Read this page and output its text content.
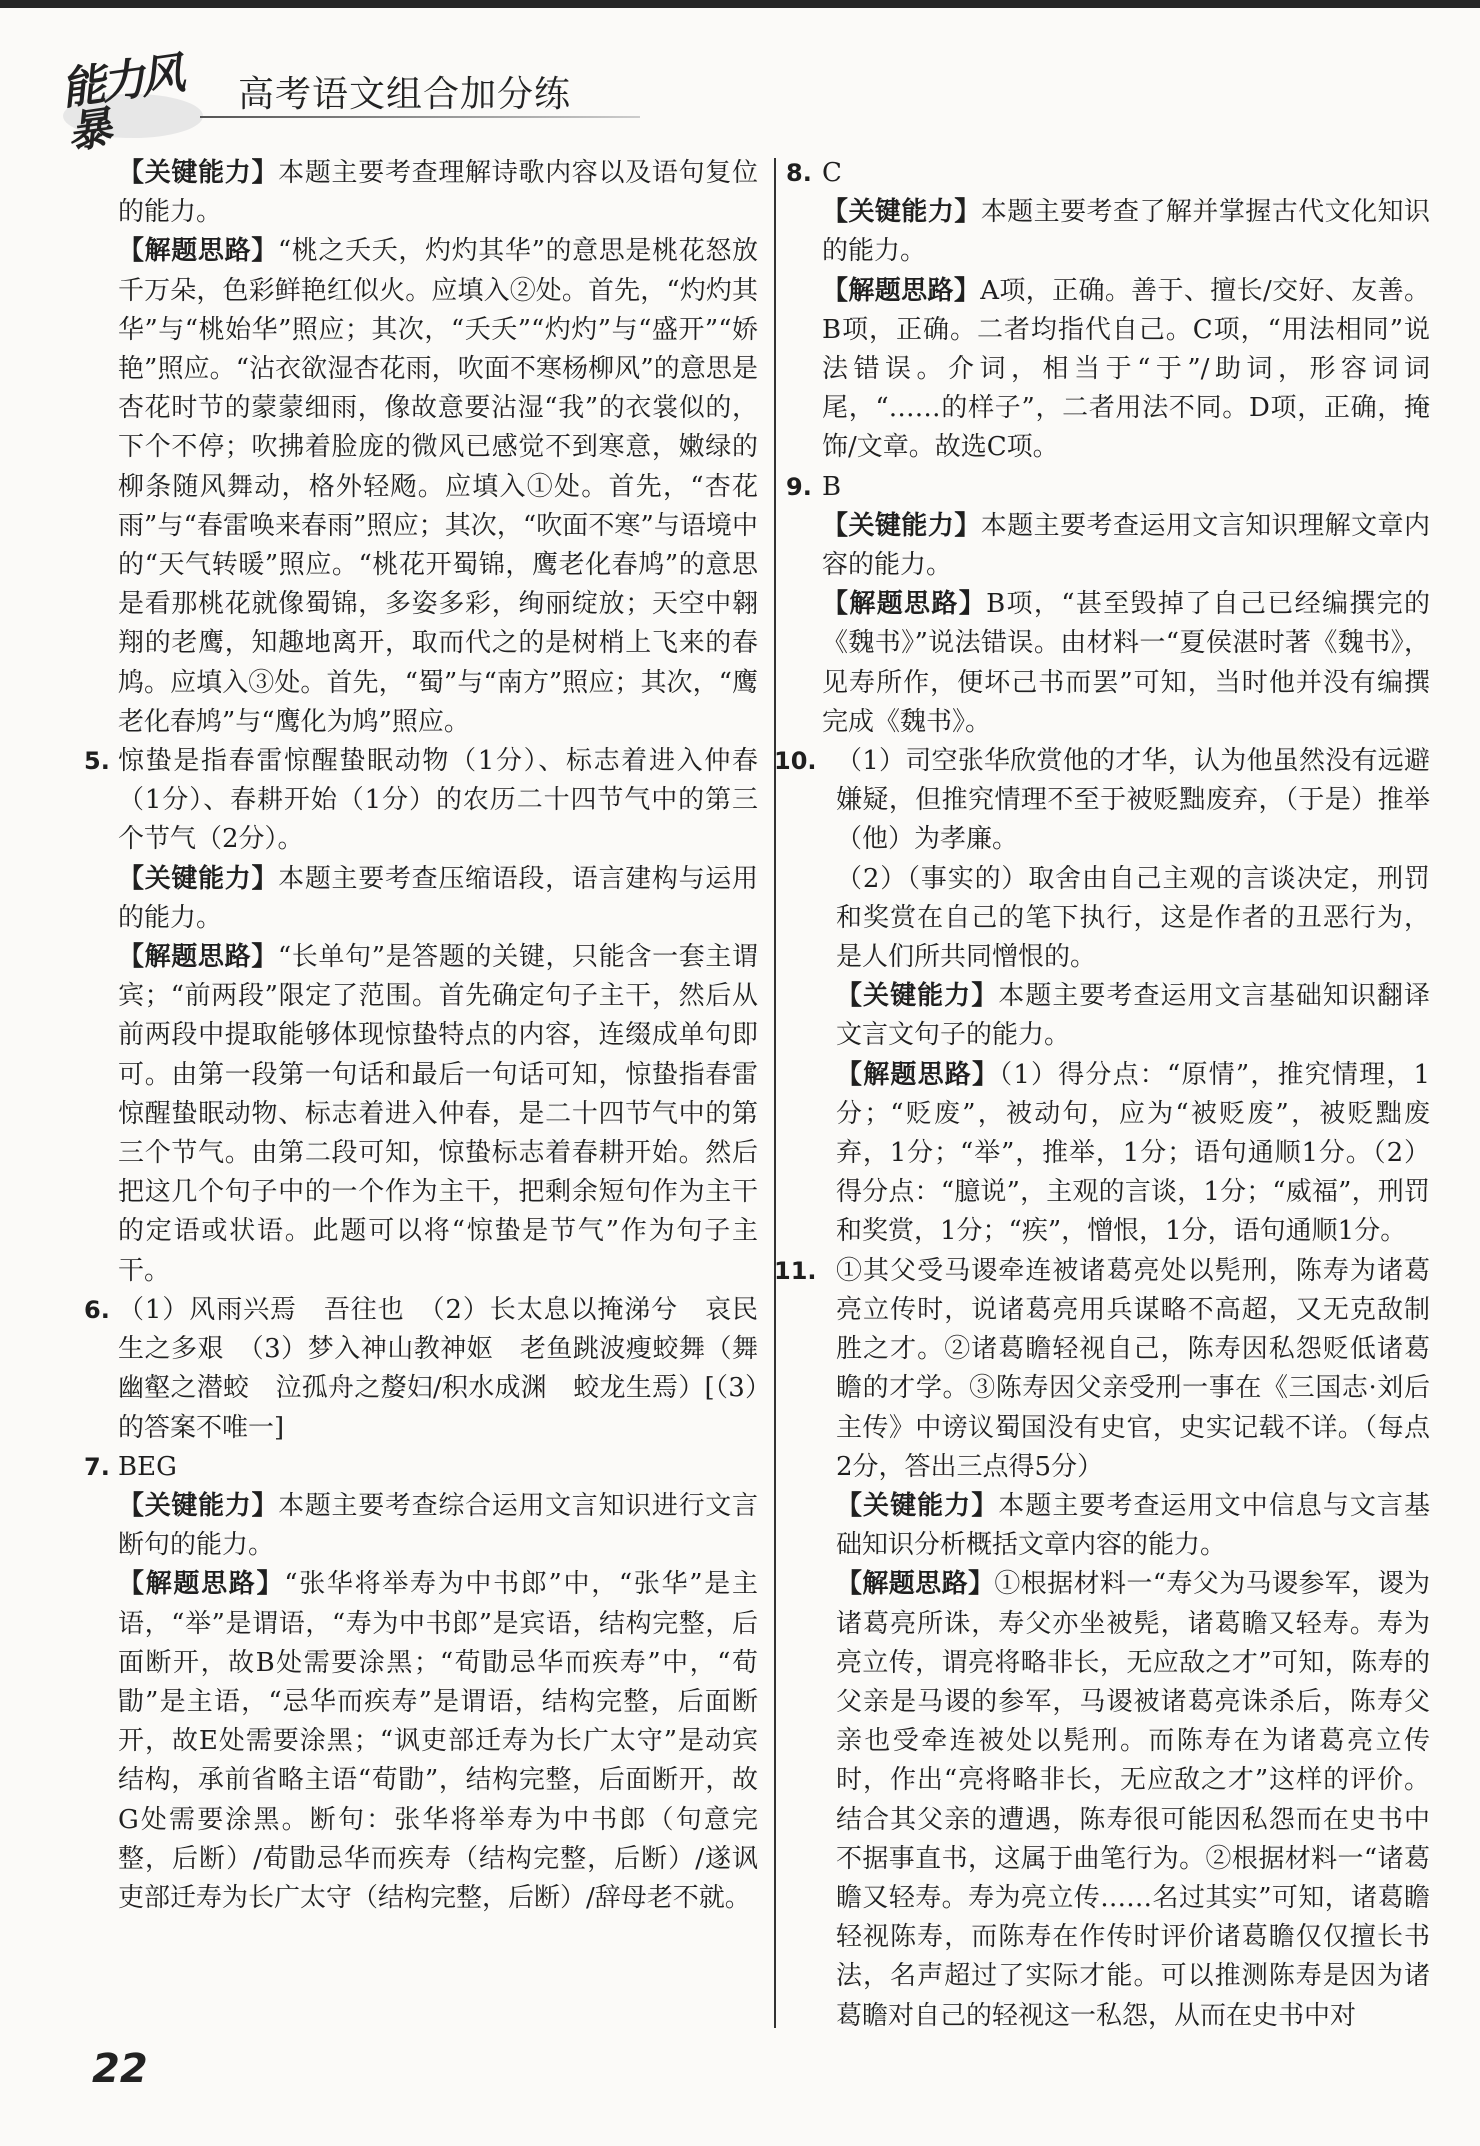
能力风暴
高考语文组合加分练

【关键能力】本题主要考查理解诗歌内容以及语句复位的能力。

【解题思路】“桃之夭夭，灼灼其华”的意思是桃花怒放千万朵，色彩鲜艳红似火。应填入②处。首先，“灼灼其华”与“桃始华”照应；其次，“夭夭”“灼灼”与“盛开”“娇艳”照应。“沾衣欲湿杏花雨，吹面不寒杨柳风”的意思是杏花时节的蒙蒙细雨，像故意要沾湿“我”的衣裳似的，下个不停；吹拂着脸庞的微风已感觉不到寒意，嫩绿的柳条随风舞动，格外轻飏。应填入①处。首先，“杏花雨”与“春雷唤来春雨”照应；其次，“吹面不寒”与语境中的“天气转暖”照应。“桃花开蜀锦，鹰老化春鸠”的意思是看那桃花就像蜀锦，多姿多彩，绚丽绽放；天空中翱翔的老鹰，知趣地离开，取而代之的是树梢上飞来的春鸠。应填入③处。首先，“蜀”与“南方”照应；其次，“鹰老化春鸠”与“鹰化为鸠”照应。

5. 惊蛰是指春雷惊醒蛰眠动物（1分）、标志着进入仲春（1分）、春耕开始（1分）的农历二十四节气中的第三个节气（2分）。

【关键能力】本题主要考查压缩语段，语言建构与运用的能力。

【解题思路】“长单句”是答题的关键，只能含一套主谓宾；“前两段”限定了范围。首先确定句子主干，然后从前两段中提取能够体现惊蛰特点的内容，连缀成单句即可。由第一段第一句话和最后一句话可知，惊蛰指春雷惊醒蛰眠动物、标志着进入仲春，是二十四节气中的第三个节气。由第二段可知，惊蛰标志着春耕开始。然后把这几个句子中的一个作为主干，把剩余短句作为主干的定语或状语。此题可以将“惊蛰是节气”作为句子主干。

6. （1）风雨兴焉　吾往也　（2）长太息以掩涕兮　哀民生之多艰　（3）梦入神山教神妪　老鱼跳波瘦蛟舞（舞幽壑之潜蛟　泣孤舟之嫠妇/积水成渊　蛟龙生焉）[（3）的答案不唯一]

7. BEG

【关键能力】本题主要考查综合运用文言知识进行文言断句的能力。

【解题思路】“张华将举寿为中书郎”中，“张华”是主语，“举”是谓语，“寿为中书郎”是宾语，结构完整，后面断开，故B处需要涂黑；“荀勖忌华而疾寿”中，“荀勖”是主语，“忌华而疾寿”是谓语，结构完整，后面断开，故E处需要涂黑；“讽吏部迁寿为长广太守”是动宾结构，承前省略主语“荀勖”，结构完整，后面断开，故G处需要涂黑。断句：张华将举寿为中书郎（句意完整，后断）/荀勖忌华而疾寿（结构完整，后断）/遂讽吏部迁寿为长广太守（结构完整，后断）/辞母老不就。

8. C

【关键能力】本题主要考查了解并掌握古代文化知识的能力。

【解题思路】A项，正确。善于、擅长/交好、友善。B项，正确。二者均指代自己。C项，“用法相同”说法错误。介词，相当于“于”/助词，形容词词尾，“……的样子”，二者用法不同。D项，正确，掩饰/文章。故选C项。

9. B

【关键能力】本题主要考查运用文言知识理解文章内容的能力。

【解题思路】B项，“甚至毁掉了自己已经编撰完的《魏书》”说法错误。由材料一“夏侯湛时著《魏书》，见寿所作，便坏己书而罢”可知，当时他并没有编撰完成《魏书》。

10. （1）司空张华欣赏他的才华，认为他虽然没有远避嫌疑，但推究情理不至于被贬黜废弃，（于是）推举（他）为孝廉。

（2）（事实的）取舍由自己主观的言谈决定，刑罚和奖赏在自己的笔下执行，这是作者的丑恶行为，是人们所共同憎恨的。

【关键能力】本题主要考查运用文言基础知识翻译文言文句子的能力。

【解题思路】（1）得分点：“原情”，推究情理，1分；“贬废”，被动句，应为“被贬废”，被贬黜废弃，1分；“举”，推举，1分；语句通顺1分。（2）得分点：“臆说”，主观的言谈，1分；“威福”，刑罚和奖赏，1分；“疾”，憎恨，1分，语句通顺1分。

11. ①其父受马谡牵连被诸葛亮处以髡刑，陈寿为诸葛亮立传时，说诸葛亮用兵谋略不高超，又无克敌制胜之才。②诸葛瞻轻视自己，陈寿因私怨贬低诸葛瞻的才学。③陈寿因父亲受刑一事在《三国志·刘后主传》中谤议蜀国没有史官，史实记载不详。（每点2分，答出三点得5分）

【关键能力】本题主要考查运用文中信息与文言基础知识分析概括文章内容的能力。

【解题思路】①根据材料一“寿父为马谡参军，谡为诸葛亮所诛，寿父亦坐被髡，诸葛瞻又轻寿。寿为亮立传，谓亮将略非长，无应敌之才”可知，陈寿的父亲是马谡的参军，马谡被诸葛亮诛杀后，陈寿父亲也受牵连被处以髡刑。而陈寿在为诸葛亮立传时，作出“亮将略非长，无应敌之才”这样的评价。结合其父亲的遭遇，陈寿很可能因私怨而在史书中不据事直书，这属于曲笔行为。②根据材料一“诸葛瞻又轻寿。寿为亮立传……名过其实”可知，诸葛瞻轻视陈寿，而陈寿在作传时评价诸葛瞻仅仅擅长书法，名声超过了实际才能。可以推测陈寿是因为诸葛瞻对自己的轻视这一私怨，从而在史书中对

22
